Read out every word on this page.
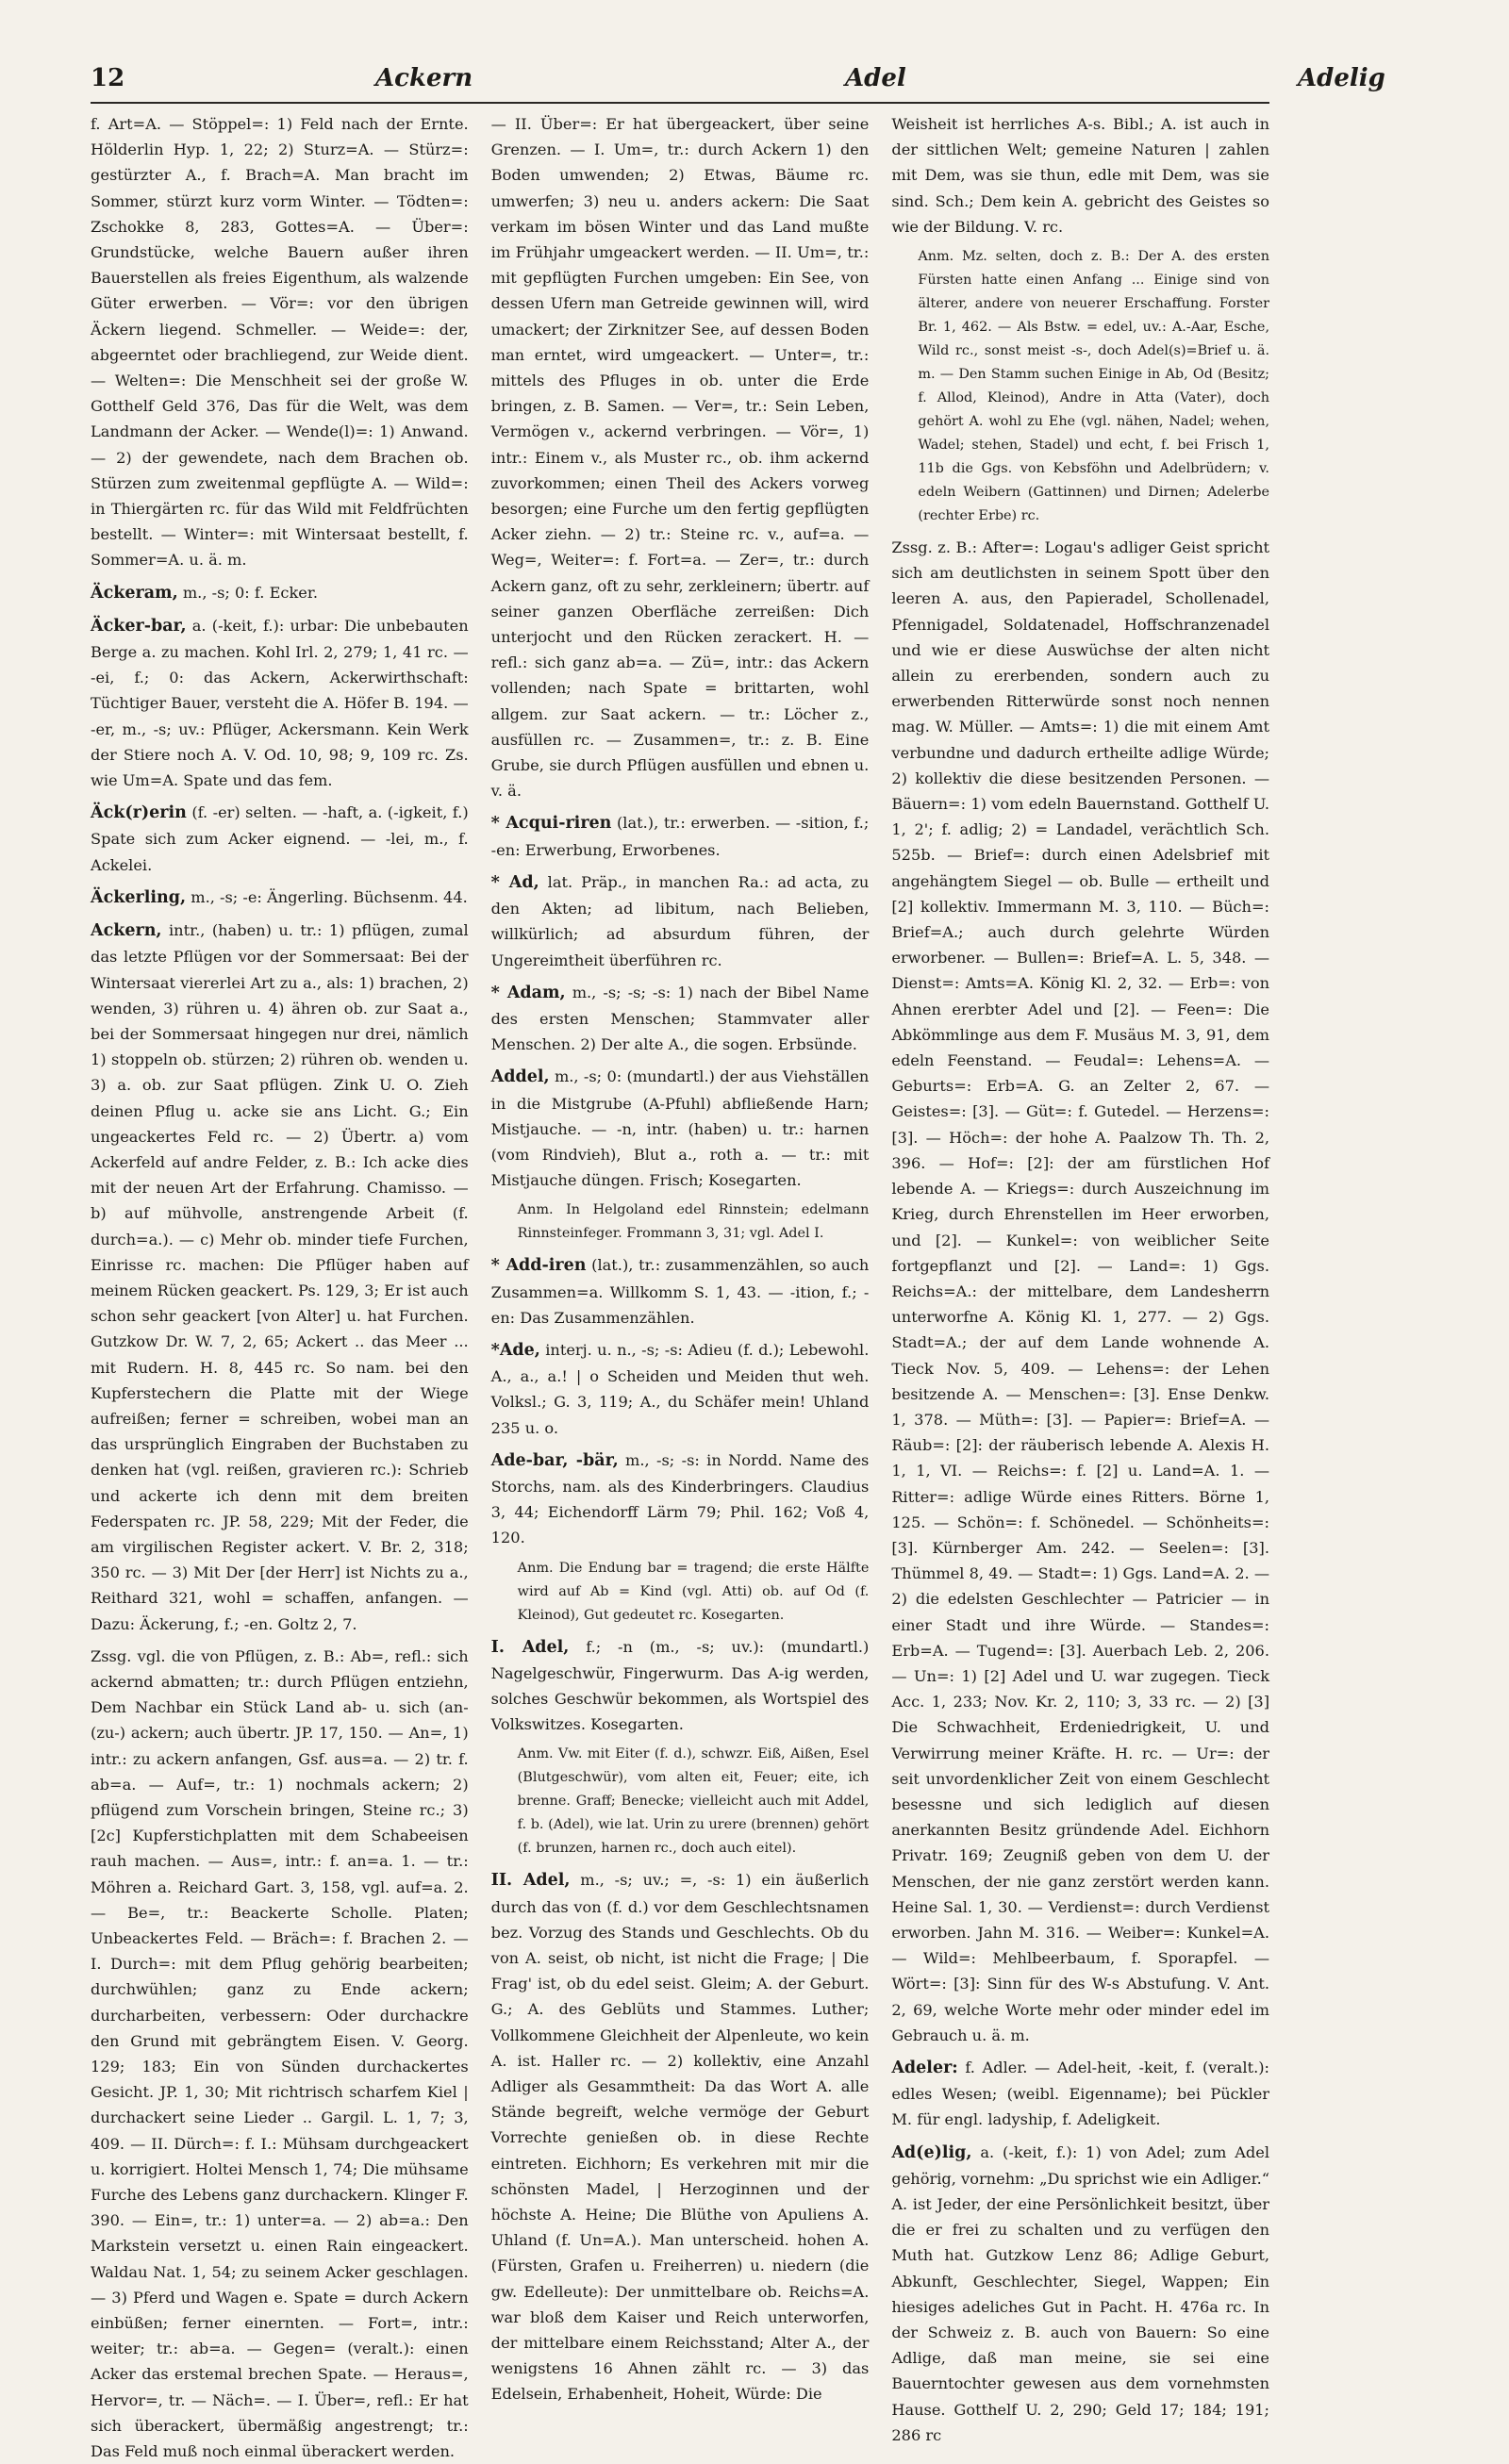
12	Ackern	Adel	Adelig

f. Art=A. — Stöppel=: 1) Feld nach der Ernte. Hölderlin Hyp. 1, 22; 2) Sturz=A. — Stürz=: gestürzter A., f. Brach=A. Man bracht im Sommer, stürzt kurz vorm Winter. — Tödten=: Zschokke 8, 283, Gottes=A. — Über=: Grundstücke, welche Bauern außer ihren Bauerstellen als freies Eigenthum, als walzende Güter erwerben. — Vör=: vor den übrigen Äckern liegend. Schmeller. — Weide=: der, abgeerntet oder brachliegend, zur Weide dient. — Welten=: Die Menschheit sei der große W. Gotthelf Geld 376, Das für die Welt, was dem Landmann der Acker. — Wende(l)=: 1) Anwand. — 2) der gewendete, nach dem Brachen ob. Stürzen zum zweitenmal gepflügte A. — Wild=: in Thiergärten rc. für das Wild mit Feldfrüchten bestellt. — Winter=: mit Wintersaat bestellt, f. Sommer=A. u. ä. m.

Äckeram, m., -s; 0: f. Ecker.

Äcker-bar, a. (-keit, f.): urbar: Die unbebauten Berge a. zu machen. Kohl Irl. 2, 279; 1, 41 rc. — -ei, f.; 0: das Ackern, Ackerwirthschaft: Tüchtiger Bauer, versteht die A. Höfer B. 194. — -er, m., -s; uv.: Pflüger, Ackersmann. Kein Werk der Stiere noch A. V. Od. 10, 98; 9, 109 rc. Zs. wie Um=A. Spate und das fem.

Äck(r)erin (f. -er) selten. — -haft, a. (-igkeit, f.) Spate sich zum Acker eignend. — -lei, m., f. Ackelei.

Äckerling, m., -s; -e: Ängerling. Büchsenm. 44.

Ackern, intr., (haben) u. tr.: 1) pflügen, zumal das letzte Pflügen vor der Sommersaat: Bei der Wintersaat viererlei Art zu a., als: 1) brachen, 2) wenden, 3) rühren u. 4) ähren ob. zur Saat a., bei der Sommersaat hingegen nur drei, nämlich 1) stoppeln ob. stürzen; 2) rühren ob. wenden u. 3) a. ob. zur Saat pflügen. Zink U. O. Zieh deinen Pflug u. acke sie ans Licht. G.; Ein ungeackertes Feld rc. — 2) Übertr. a) vom Ackerfeld auf andre Felder, z. B.: Ich acke dies mit der neuen Art der Erfahrung. Chamisso. — b) auf mühvolle, anstrengende Arbeit (f. durch=a.). — c) Mehr ob. minder tiefe Furchen, Einrisse rc. machen: Die Pflüger haben auf meinem Rücken geackert. Ps. 129, 3; Er ist auch schon sehr geackert [von Alter] u. hat Furchen. Gutzkow Dr. W. 7, 2, 65; Ackert .. das Meer ... mit Rudern. H. 8, 445 rc. So nam. bei den Kupferstechern die Platte mit der Wiege aufreißen; ferner = schreiben, wobei man an das ursprünglich Eingraben der Buchstaben zu denken hat (vgl. reißen, gravieren rc.): Schrieb und ackerte ich denn mit dem breiten Federspaten rc. JP. 58, 229; Mit der Feder, die am virgilischen Register ackert. V. Br. 2, 318; 350 rc. — 3) Mit Der [der Herr] ist Nichts zu a., Reithard 321, wohl = schaffen, anfangen. — Dazu: Äckerung, f.; -en. Goltz 2, 7.

Zssg. vgl. die von Pflügen, z. B.: Ab=, refl.: sich ackernd abmatten; tr.: durch Pflügen entziehn, Dem Nachbar ein Stück Land ab- u. sich (an- (zu-) ackern; auch übertr. JP. 17, 150. — An=, 1) intr.: zu ackern anfangen, Gsf. aus=a. — 2) tr. f. ab=a. — Auf=, tr.: 1) nochmals ackern; 2) pflügend zum Vorschein bringen, Steine rc.; 3) [2c] Kupferstichplatten mit dem Schabeeisen rauh machen. — Aus=, intr.: f. an=a. 1. — tr.: Möhren a. Reichard Gart. 3, 158, vgl. auf=a. 2. — Be=, tr.: Beackerte Scholle. Platen; Unbeackertes Feld. — Bräch=: f. Brachen 2. — I. Durch=: mit dem Pflug gehörig bearbeiten; durchwühlen; ganz zu Ende ackern; durcharbeiten, verbessern: Oder durchackre den Grund mit gebrängtem Eisen. V. Georg. 129; 183; Ein von Sünden durchackertes Gesicht. JP. 1, 30; Mit richtrisch scharfem Kiel | durchackert seine Lieder .. Gargil. L. 1, 7; 3, 409. — II. Dürch=: f. I.: Mühsam durchgeackert u. korrigiert. Holtei Mensch 1, 74; Die mühsame Furche des Lebens ganz durchackern. Klinger F. 390. — Ein=, tr.: 1) unter=a. — 2) ab=a.: Den Markstein versetzt u. einen Rain eingeackert. Waldau Nat. 1, 54; zu seinem Acker geschlagen. — 3) Pferd und Wagen e. Spate = durch Ackern einbüßen; ferner einernten. — Fort=, intr.: weiter; tr.: ab=a. — Gegen= (veralt.): einen Acker das erstemal brechen Spate. — Heraus=, Hervor=, tr. — Näch=. — I. Über=, refl.: Er hat sich überackert, übermäßig angestrengt; tr.: Das Feld muß noch einmal überackert werden.

— II. Über=: Er hat übergeackert, über seine Grenzen. — I. Um=, tr.: durch Ackern 1) den Boden umwenden; 2) Etwas, Bäume rc. umwerfen; 3) neu u. anders ackern: Die Saat verkam im bösen Winter und das Land mußte im Frühjahr umgeackert werden. — II. Um=, tr.: mit gepflügten Furchen umgeben: Ein See, von dessen Ufern man Getreide gewinnen will, wird umackert; der Zirknitzer See, auf dessen Boden man erntet, wird umgeackert. — Unter=, tr.: mittels des Pfluges in ob. unter die Erde bringen, z. B. Samen. — Ver=, tr.: Sein Leben, Vermögen v., ackernd verbringen. — Vör=, 1) intr.: Einem v., als Muster rc., ob. ihm ackernd zuvorkommen; einen Theil des Ackers vorweg besorgen; eine Furche um den fertig gepflügten Acker ziehn. — 2) tr.: Steine rc. v., auf=a. — Weg=, Weiter=: f. Fort=a. — Zer=, tr.: durch Ackern ganz, oft zu sehr, zerkleinern; übertr. auf seiner ganzen Oberfläche zerreißen: Dich unterjocht und den Rücken zerackert. H. — refl.: sich ganz ab=a. — Zü=, intr.: das Ackern vollenden; nach Spate = brittarten, wohl allgem. zur Saat ackern. — tr.: Löcher z., ausfüllen rc. — Zusammen=, tr.: z. B. Eine Grube, sie durch Pflügen ausfüllen und ebnen u. v. ä.

* Acqui-riren (lat.), tr.: erwerben. — -sition, f.; -en: Erwerbung, Erworbenes.

* Ad, lat. Präp., in manchen Ra.: ad acta, zu den Akten; ad libitum, nach Belieben, willkürlich; ad absurdum führen, der Ungereimtheit überführen rc.

* Adam, m., -s; -s; -s: 1) nach der Bibel Name des ersten Menschen; Stammvater aller Menschen. 2) Der alte A., die sogen. Erbsünde.

Addel, m., -s; 0: (mundartl.) der aus Viehställen in die Mistgrube (A-Pfuhl) abfließende Harn; Mistjauche. — -n, intr. (haben) u. tr.: harnen (vom Rindvieh), Blut a., roth a. — tr.: mit Mistjauche düngen. Frisch; Kosegarten.

Anm. In Helgoland edel Rinnstein; edelmann Rinnsteinfeger. Frommann 3, 31; vgl. Adel I.

* Add-iren (lat.), tr.: zusammenzählen, so auch Zusammen=a. Willkomm S. 1, 43. — -ition, f.; -en: Das Zusammenzählen.

*Ade, interj. u. n., -s; -s: Adieu (f. d.); Lebewohl. A., a., a.! | o Scheiden und Meiden thut weh. Volksl.; G. 3, 119; A., du Schäfer mein! Uhland 235 u. o.

Ade-bar, -bär, m., -s; -s: in Nordd. Name des Storchs, nam. als des Kinderbringers. Claudius 3, 44; Eichendorff Lärm 79; Phil. 162; Voß 4, 120.

Anm. Die Endung bar = tragend; die erste Hälfte wird auf Ab = Kind (vgl. Atti) ob. auf Od (f. Kleinod), Gut gedeutet rc. Kosegarten.

I. Adel, f.; -n (m., -s; uv.): (mundartl.) Nagelgeschwür, Fingerwurm. Das A-ig werden, solches Geschwür bekommen, als Wortspiel des Volkswitzes. Kosegarten.

Anm. Vw. mit Eiter (f. d.), schwzr. Eiß, Aißen, Esel (Blutgeschwür), vom alten eit, Feuer; eite, ich brenne. Graff; Benecke; vielleicht auch mit Addel, f. b. (Adel), wie lat. Urin zu urere (brennen) gehört (f. brunzen, harnen rc., doch auch eitel).

II. Adel, m., -s; uv.; =, -s: 1) ein äußerlich durch das von (f. d.) vor dem Geschlechtsnamen bez. Vorzug des Stands und Geschlechts. Ob du von A. seist, ob nicht, ist nicht die Frage; | Die Frag' ist, ob du edel seist. Gleim; A. der Geburt. G.; A. des Geblüts und Stammes. Luther; Vollkommene Gleichheit der Alpenleute, wo kein A. ist. Haller rc. — 2) kollektiv, eine Anzahl Adliger als Gesammtheit: Da das Wort A. alle Stände begreift, welche vermöge der Geburt Vorrechte genießen ob. in diese Rechte eintreten. Eichhorn; Es verkehren mit mir die schönsten Madel, | Herzoginnen und der höchste A. Heine; Die Blüthe von Apuliens A. Uhland (f. Un=A.). Man unterscheid. hohen A. (Fürsten, Grafen u. Freiherren) u. niedern (die gw. Edelleute): Der unmittelbare ob. Reichs=A. war bloß dem Kaiser und Reich unterworfen, der mittelbare einem Reichsstand; Alter A., der wenigstens 16 Ahnen zählt rc. — 3) das Edelsein, Erhabenheit, Hoheit, Würde: Die

Weisheit ist herrliches A-s. Bibl.; A. ist auch in der sittlichen Welt; gemeine Naturen | zahlen mit Dem, was sie thun, edle mit Dem, was sie sind. Sch.; Dem kein A. gebricht des Geistes so wie der Bildung. V. rc.

Anm. Mz. selten, doch z. B.: Der A. des ersten Fürsten hatte einen Anfang ... Einige sind von älterer, andere von neuerer Erschaffung. Forster Br. 1, 462. — Als Bstw. = edel, uv.: A.-Aar, Esche, Wild rc., sonst meist -s-, doch Adel(s)=Brief u. ä. m. — Den Stamm suchen Einige in Ab, Od (Besitz; f. Allod, Kleinod), Andre in Atta (Vater), doch gehört A. wohl zu Ehe (vgl. nähen, Nadel; wehen, Wadel; stehen, Stadel) und echt, f. bei Frisch 1, 11b die Ggs. von Kebsföhn und Adelbrüdern; v. edeln Weibern (Gattinnen) und Dirnen; Adelerbe (rechter Erbe) rc.

Zssg. z. B.: After=: Logau's adliger Geist spricht sich am deutlichsten in seinem Spott über den leeren A. aus, den Papieradel, Schollenadel, Pfennigadel, Soldatenadel, Hoffschranzenadel und wie er diese Auswüchse der alten nicht allein zu ererbenden, sondern auch zu erwerbenden Ritterwürde sonst noch nennen mag. W. Müller. — Amts=: 1) die mit einem Amt verbundne und dadurch ertheilte adlige Würde; 2) kollektiv die diese besitzenden Personen. — Bäuern=: 1) vom edeln Bauernstand. Gotthelf U. 1, 2'; f. adlig; 2) = Landadel, verächtlich Sch. 525b. — Brief=: durch einen Adelsbrief mit angehängtem Siegel — ob. Bulle — ertheilt und [2] kollektiv. Immermann M. 3, 110. — Büch=: Brief=A.; auch durch gelehrte Würden erworbener. — Bullen=: Brief=A. L. 5, 348. — Dienst=: Amts=A. König Kl. 2, 32. — Erb=: von Ahnen ererbter Adel und [2]. — Feen=: Die Abkömmlinge aus dem F. Musäus M. 3, 91, dem edeln Feenstand. — Feudal=: Lehens=A. — Geburts=: Erb=A. G. an Zelter 2, 67. — Geistes=: [3]. — Güt=: f. Gutedel. — Herzens=: [3]. — Höch=: der hohe A. Paalzow Th. Th. 2, 396. — Hof=: [2]: der am fürstlichen Hof lebende A. — Kriegs=: durch Auszeichnung im Krieg, durch Ehrenstellen im Heer erworben, und [2]. — Kunkel=: von weiblicher Seite fortgepflanzt und [2]. — Land=: 1) Ggs. Reichs=A.: der mittelbare, dem Landesherrn unterworfne A. König Kl. 1, 277. — 2) Ggs. Stadt=A.; der auf dem Lande wohnende A. Tieck Nov. 5, 409. — Lehens=: der Lehen besitzende A. — Menschen=: [3]. Ense Denkw. 1, 378. — Müth=: [3]. — Papier=: Brief=A. — Räub=: [2]: der räuberisch lebende A. Alexis H. 1, 1, VI. — Reichs=: f. [2] u. Land=A. 1. — Ritter=: adlige Würde eines Ritters. Börne 1, 125. — Schön=: f. Schönedel. — Schönheits=: [3]. Kürnberger Am. 242. — Seelen=: [3]. Thümmel 8, 49. — Stadt=: 1) Ggs. Land=A. 2. — 2) die edelsten Geschlechter — Patricier — in einer Stadt und ihre Würde. — Standes=: Erb=A. — Tugend=: [3]. Auerbach Leb. 2, 206. — Un=: 1) [2] Adel und U. war zugegen. Tieck Acc. 1, 233; Nov. Kr. 2, 110; 3, 33 rc. — 2) [3] Die Schwachheit, Erdeniedrigkeit, U. und Verwirrung meiner Kräfte. H. rc. — Ur=: der seit unvordenklicher Zeit von einem Geschlecht besessne und sich lediglich auf diesen anerkannten Besitz gründende Adel. Eichhorn Privatr. 169; Zeugniß geben von dem U. der Menschen, der nie ganz zerstört werden kann. Heine Sal. 1, 30. — Verdienst=: durch Verdienst erworben. Jahn M. 316. — Weiber=: Kunkel=A. — Wild=: Mehlbeerbaum, f. Sporapfel. — Wört=: [3]: Sinn für des W-s Abstufung. V. Ant. 2, 69, welche Worte mehr oder minder edel im Gebrauch u. ä. m.

Adeler: f. Adler. — Adel-heit, -keit, f. (veralt.): edles Wesen; (weibl. Eigenname); bei Pückler M. für engl. ladyship, f. Adeligkeit.

Ad(e)lig, a. (-keit, f.): 1) von Adel; zum Adel gehörig, vornehm: „Du sprichst wie ein Adliger.“ A. ist Jeder, der eine Persönlichkeit besitzt, über die er frei zu schalten und zu verfügen den Muth hat. Gutzkow Lenz 86; Adlige Geburt, Abkunft, Geschlechter, Siegel, Wappen; Ein hiesiges adeliches Gut in Pacht. H. 476a rc. In der Schweiz z. B. auch von Bauern: So eine Adlige, daß man meine, sie sei eine Bauerntochter gewesen aus dem vornehmsten Hause. Gotthelf U. 2, 290; Geld 17; 184; 191; 286 rc
